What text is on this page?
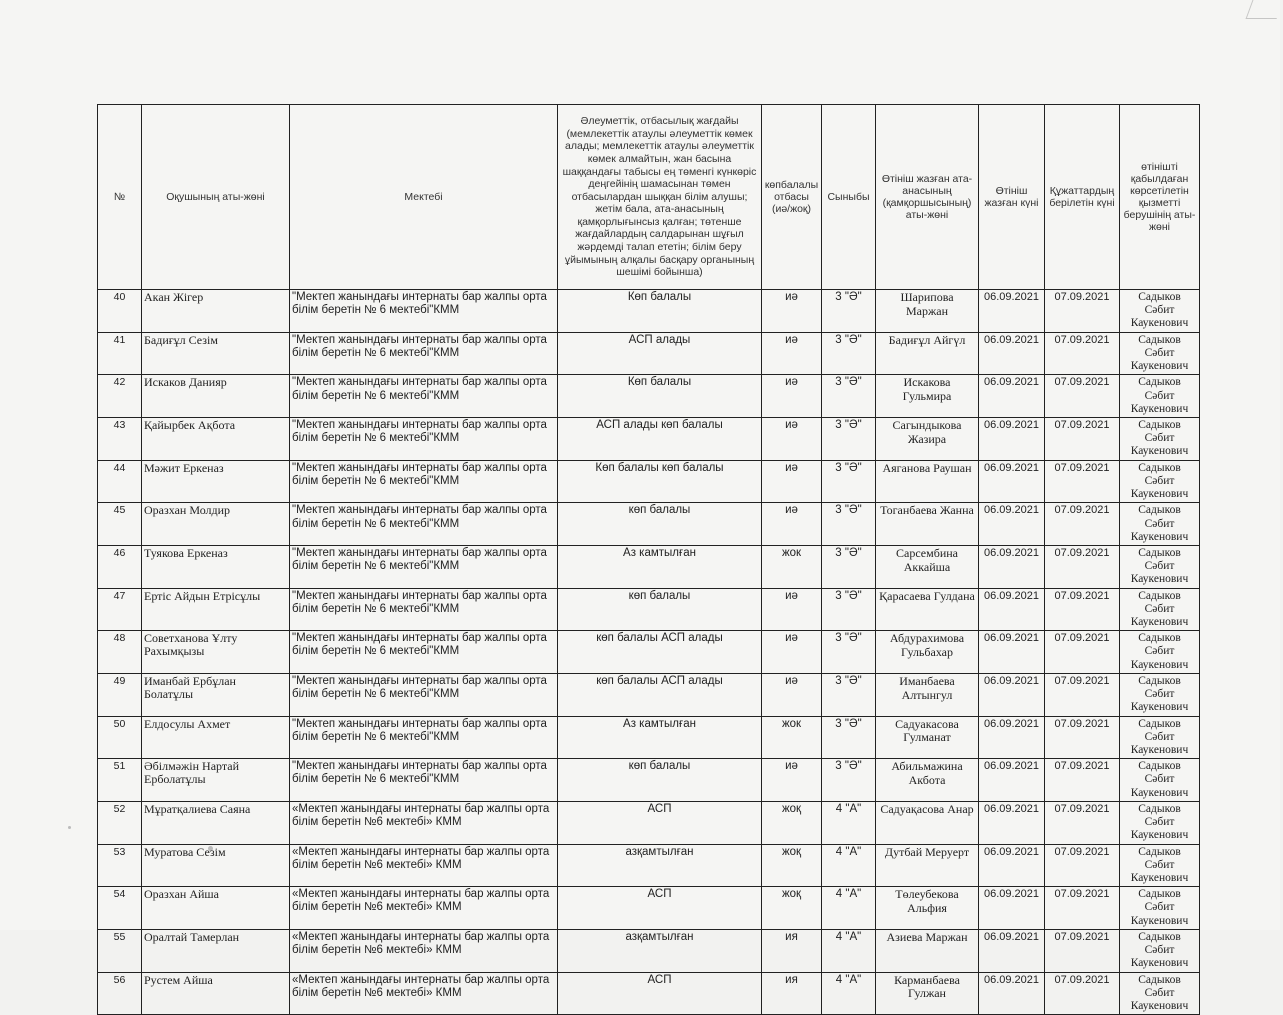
№	Оқушының аты-жөні	Мектебі	Әлеуметтік, отбасылық жағдайы (мемлекеттік атаулы әлеуметтік көмек алады; мемлекеттік атаулы әлеуметтік көмек алмайтын, жан басына шаққандағы табысы ең төменгі күнкөріс деңгейінің шамасынан төмен отбасылардан шыққан білім алушы; жетім бала, ата-анасының қамқорлығынсыз қалған; төтенше жағдайлардың салдарынан шұғыл жәрдемді талап ететін; білім беру ұйымының алқалы басқару органының шешімі бойынша)	көпбалалы отбасы (иә/жоқ)	Сыныбы	Өтініш жазған ата-анасының (қамқоршысының) аты-жөні	Өтініш жазған күні	Құжаттардың берілетін күні	өтінішті қабылдаған көрсетілетін қызметті берушінің аты-жөні
40	Акан Жігер	"Мектеп жанындағы интернаты бар жалпы орта білім беретін № 6 мектебі"КММ	Көп балалы	иә	3 "Ә"	Шарипова Маржан	06.09.2021	07.09.2021	Садыков Сәбит Каукенович
41	Бадиғұл Сезім	"Мектеп жанындағы интернаты бар жалпы орта білім беретін № 6 мектебі"КММ	АСП алады	иә	3 "Ә"	Бадиғұл Айгүл	06.09.2021	07.09.2021	Садыков Сәбит Каукенович
42	Искаков Данияр	"Мектеп жанындағы интернаты бар жалпы орта білім беретін № 6 мектебі"КММ	Көп балалы	иә	3 "Ә"	Искакова Гульмира	06.09.2021	07.09.2021	Садыков Сәбит Каукенович
43	Қайырбек Ақбота	"Мектеп жанындағы интернаты бар жалпы орта білім беретін № 6 мектебі"КММ	АСП алады көп балалы	иә	3 "Ә"	Сагындыкова Жазира	06.09.2021	07.09.2021	Садыков Сәбит Каукенович
44	Мәжит Еркеназ	"Мектеп жанындағы интернаты бар жалпы орта білім беретін № 6 мектебі"КММ	Көп балалы көп балалы	иә	3 "Ә"	Аяганова Раушан	06.09.2021	07.09.2021	Садыков Сәбит Каукенович
45	Оразхан Молдир	"Мектеп жанындағы интернаты бар жалпы орта білім беретін № 6 мектебі"КММ	көп балалы	иә	3 "Ә"	Тоганбаева Жанна	06.09.2021	07.09.2021	Садыков Сәбит Каукенович
46	Туякова Еркеназ	"Мектеп жанындағы интернаты бар жалпы орта білім беретін № 6 мектебі"КММ	Аз камтылған	жок	3 "Ә"	Сарсембина Аккайша	06.09.2021	07.09.2021	Садыков Сәбит Каукенович
47	Ертіс Айдын Етрісұлы	"Мектеп жанындағы интернаты бар жалпы орта білім беретін № 6 мектебі"КММ	көп балалы	иә	3 "Ә"	Қарасаева Гулдана	06.09.2021	07.09.2021	Садыков Сәбит Каукенович
48	Советханова Ұлту Рахымқызы	"Мектеп жанындағы интернаты бар жалпы орта білім беретін № 6 мектебі"КММ	көп балалы АСП алады	иә	3 "Ә"	Абдурахимова Гульбахар	06.09.2021	07.09.2021	Садыков Сәбит Каукенович
49	Иманбай Ербұлан Болатұлы	"Мектеп жанындағы интернаты бар жалпы орта білім беретін № 6 мектебі"КММ	көп балалы АСП алады	иә	3 "Ә"	Иманбаева Алтынгул	06.09.2021	07.09.2021	Садыков Сәбит Каукенович
50	Елдосулы Ахмет	"Мектеп жанындағы интернаты бар жалпы орта білім беретін № 6 мектебі"КММ	Аз камтылған	жок	3 "Ә"	Садуакасова Гулманат	06.09.2021	07.09.2021	Садыков Сәбит Каукенович
51	Әбілмәжін Нартай Ерболатұлы	"Мектеп жанындағы интернаты бар жалпы орта білім беретін № 6 мектебі"КММ	көп балалы	иә	3 "Ә"	Абильмажина Акбота	06.09.2021	07.09.2021	Садыков Сәбит Каукенович
52	Мұратқалиева Саяна	«Мектеп жанындағы интернаты бар жалпы орта білім беретін №6 мектебі» КММ	АСП	жоқ	4 "А"	Садуақасова Анар	06.09.2021	07.09.2021	Садыков Сәбит Каукенович
53	Муратова Сезім	«Мектеп жанындағы интернаты бар жалпы орта білім беретін №6 мектебі» КММ	азқамтылған	жоқ	4 "А"	Дутбай Меруерт	06.09.2021	07.09.2021	Садыков Сәбит Каукенович
54	Оразхан Айша	«Мектеп жанындағы интернаты бар жалпы орта білім беретін №6 мектебі» КММ	АСП	жоқ	4 "А"	Төлеубекова Альфия	06.09.2021	07.09.2021	Садыков Сәбит Каукенович
55	Оралтай Тамерлан	«Мектеп жанындағы интернаты бар жалпы орта білім беретін №6 мектебі» КММ	азқамтылған	ия	4 "А"	Азиева Маржан	06.09.2021	07.09.2021	Садыков Сәбит Каукенович
56	Рустем Айша	«Мектеп жанындағы интернаты бар жалпы орта білім беретін №6 мектебі» КММ	АСП	ия	4 "А"	Карманбаева Гулжан	06.09.2021	07.09.2021	Садыков Сәбит Каукенович
